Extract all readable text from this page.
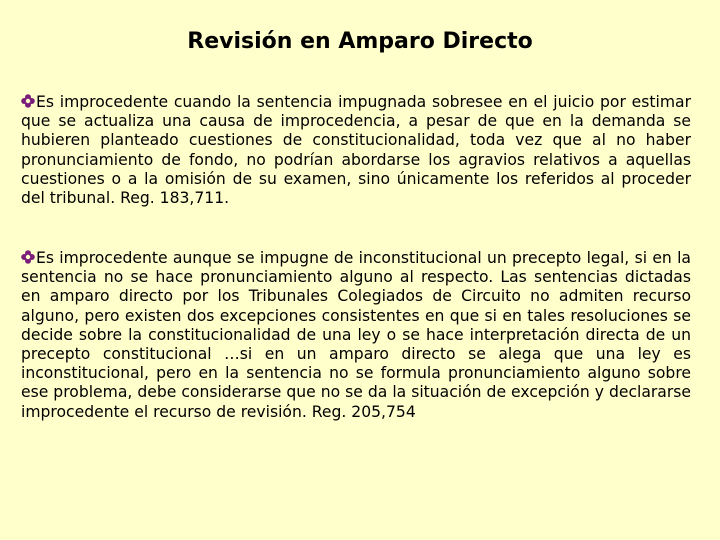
Revisión en Amparo Directo

Es improcedente cuando la sentencia impugnada sobresee en el juicio por estimar que se actualiza una causa de improcedencia, a pesar de que en la demanda se hubieren planteado cuestiones de constitucionalidad, toda vez que al no haber pronunciamiento de fondo, no podrían abordarse los agravios relativos a aquellas cuestiones o a la omisión de su examen, sino únicamente los referidos al proceder del tribunal. Reg. 183,711.

Es improcedente aunque se impugne de inconstitucional un precepto legal, si en la sentencia no se hace pronunciamiento alguno al respecto. Las sentencias dictadas en amparo directo por los Tribunales Colegiados de Circuito no admiten recurso alguno, pero existen dos excepciones consistentes en que si en tales resoluciones se decide sobre la constitucionalidad de una ley o se hace interpretación directa de un precepto constitucional …si en un amparo directo se alega que una ley es inconstitucional, pero en la sentencia no se formula pronunciamiento alguno sobre ese problema, debe considerarse que no se da la situación de excepción y declararse improcedente el recurso de revisión. Reg. 205,754
